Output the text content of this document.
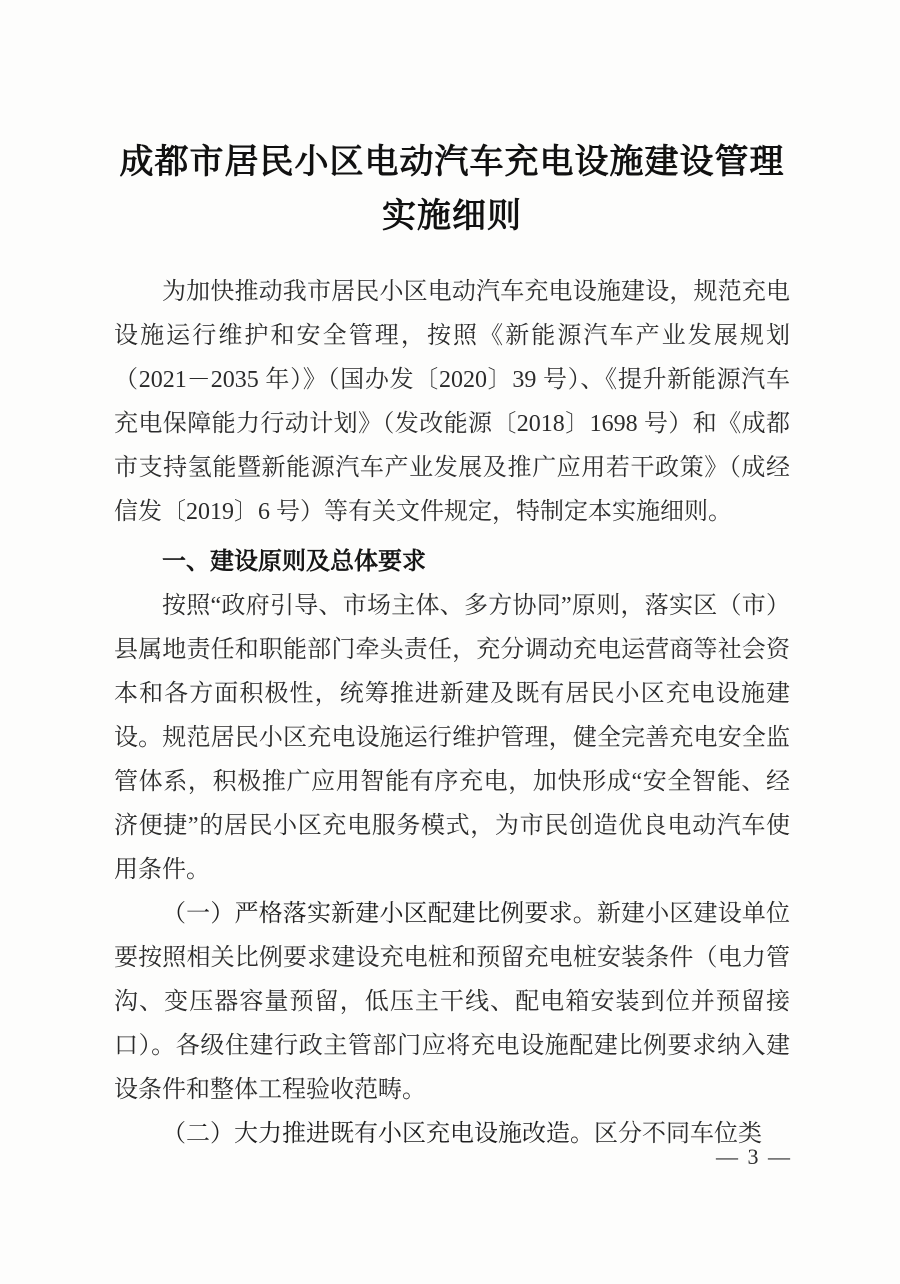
成都市居民小区电动汽车充电设施建设管理
实施细则

为加快推动我市居民小区电动汽车充电设施建设，规范充电设施运行维护和安全管理，按照《新能源汽车产业发展规划（2021－2035 年）》（国办发〔2020〕39 号）、《提升新能源汽车充电保障能力行动计划》（发改能源〔2018〕1698 号）和《成都市支持氢能暨新能源汽车产业发展及推广应用若干政策》（成经信发〔2019〕6 号）等有关文件规定，特制定本实施细则。

一、建设原则及总体要求

按照“政府引导、市场主体、多方协同”原则，落实区（市）县属地责任和职能部门牵头责任，充分调动充电运营商等社会资本和各方面积极性，统筹推进新建及既有居民小区充电设施建设。规范居民小区充电设施运行维护管理，健全完善充电安全监管体系，积极推广应用智能有序充电，加快形成“安全智能、经济便捷”的居民小区充电服务模式，为市民创造优良电动汽车使用条件。

（一）严格落实新建小区配建比例要求。新建小区建设单位要按照相关比例要求建设充电桩和预留充电桩安装条件（电力管沟、变压器容量预留，低压主干线、配电箱安装到位并预留接口）。各级住建行政主管部门应将充电设施配建比例要求纳入建设条件和整体工程验收范畴。

（二）大力推进既有小区充电设施改造。区分不同车位类

— 3 —
